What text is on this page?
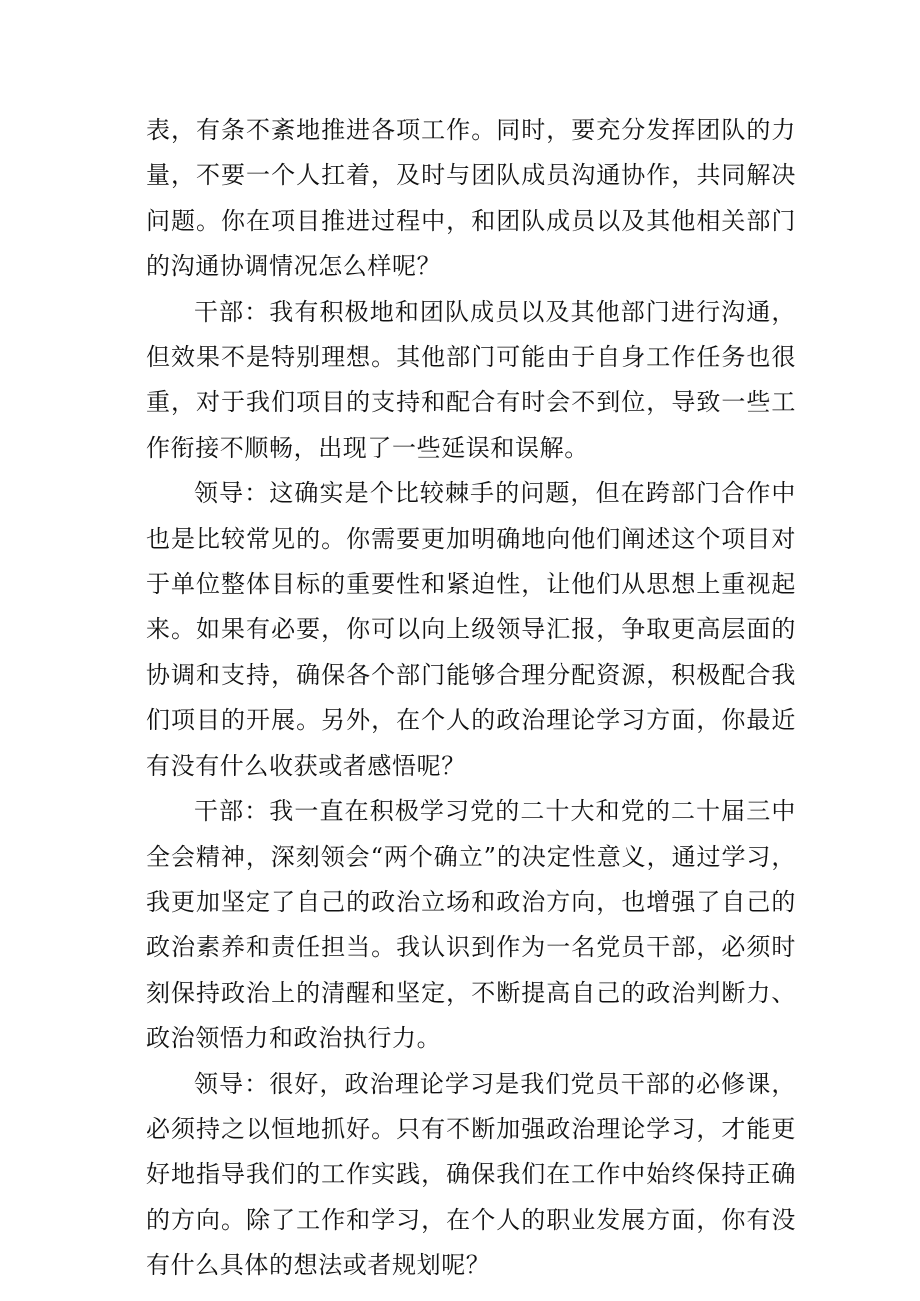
表，有条不紊地推进各项工作。同时，要充分发挥团队的力量，不要一个人扛着，及时与团队成员沟通协作，共同解决问题。你在项目推进过程中，和团队成员以及其他相关部门的沟通协调情况怎么样呢？

干部：我有积极地和团队成员以及其他部门进行沟通，但效果不是特别理想。其他部门可能由于自身工作任务也很重，对于我们项目的支持和配合有时会不到位，导致一些工作衔接不顺畅，出现了一些延误和误解。

领导：这确实是个比较棘手的问题，但在跨部门合作中也是比较常见的。你需要更加明确地向他们阐述这个项目对于单位整体目标的重要性和紧迫性，让他们从思想上重视起来。如果有必要，你可以向上级领导汇报，争取更高层面的协调和支持，确保各个部门能够合理分配资源，积极配合我们项目的开展。另外，在个人的政治理论学习方面，你最近有没有什么收获或者感悟呢？

干部：我一直在积极学习党的二十大和党的二十届三中全会精神，深刻领会“两个确立”的决定性意义，通过学习，我更加坚定了自己的政治立场和政治方向，也增强了自己的政治素养和责任担当。我认识到作为一名党员干部，必须时刻保持政治上的清醒和坚定，不断提高自己的政治判断力、政治领悟力和政治执行力。

领导：很好，政治理论学习是我们党员干部的必修课，必须持之以恒地抓好。只有不断加强政治理论学习，才能更好地指导我们的工作实践，确保我们在工作中始终保持正确的方向。除了工作和学习，在个人的职业发展方面，你有没有什么具体的想法或者规划呢？
